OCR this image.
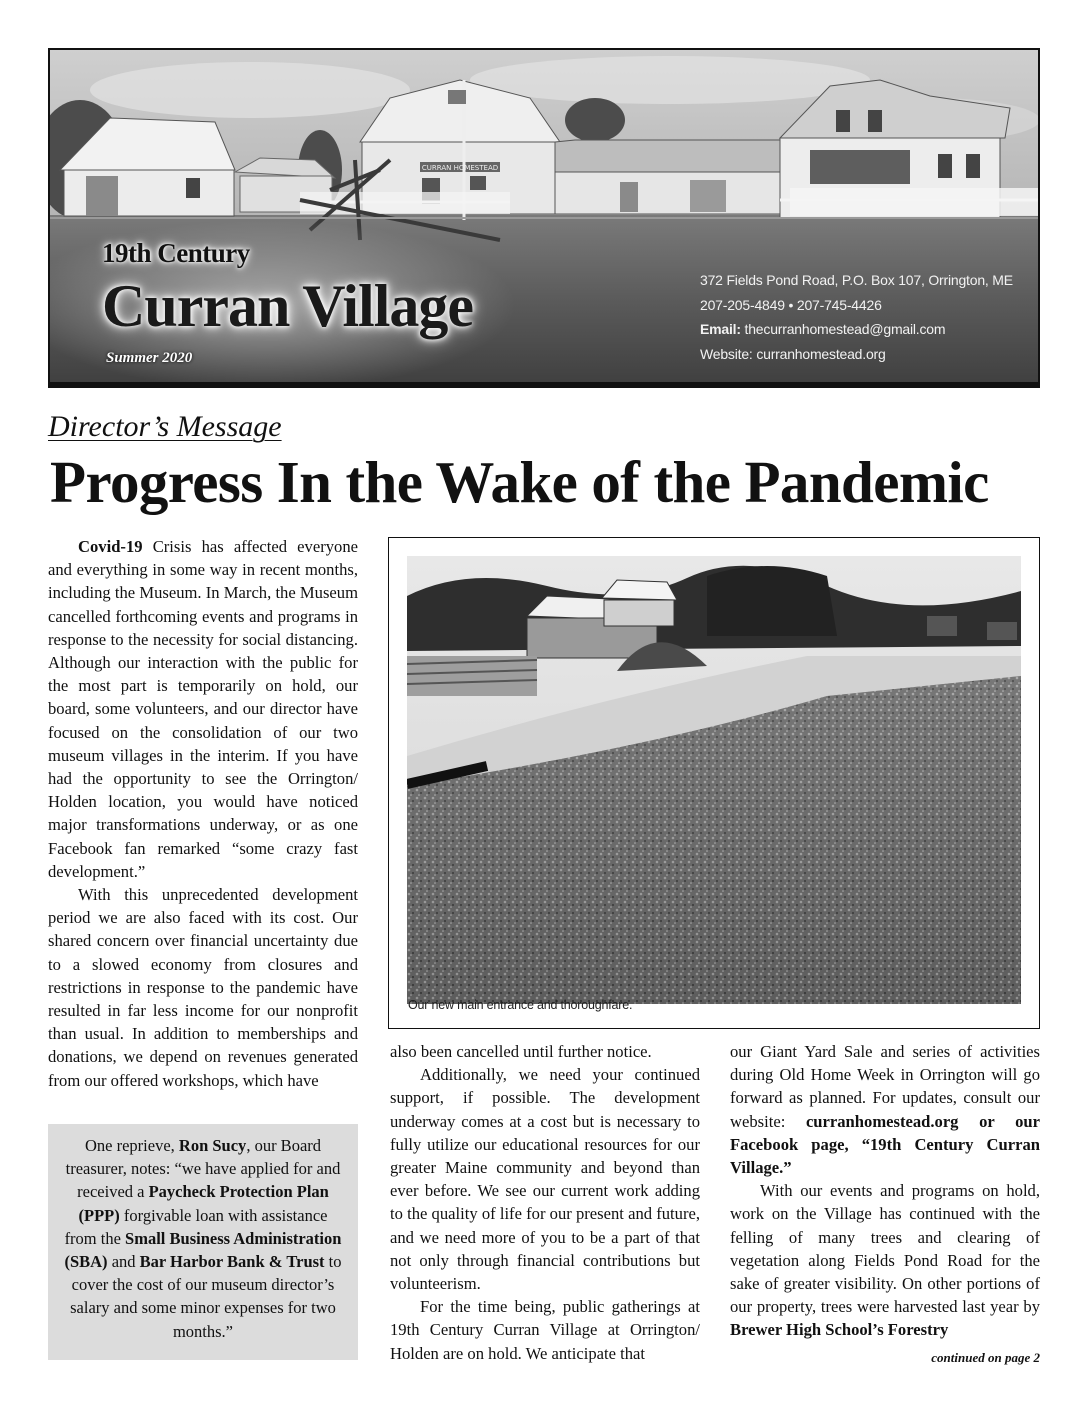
CURRAN HOMESTEAD
19th Century
Curran Village
Summer 2020
372 Fields Pond Road, P.O. Box 107, Orrington, ME
207-205-4849 • 207-745-4426
Email: thecurranhomestead@gmail.com
Website: curranhomestead.org
Director’s Message
Progress In the Wake of the Pandemic

Covid-19 Crisis has affected everyone and everything in some way in recent months, including the Museum. In March, the Museum cancelled forthcoming events and programs in response to the necessity for social distancing. Although our interaction with the public for the most part is temporarily on hold, our board, some volunteers, and our director have focused on the consolidation of our two museum villages in the interim. If you have had the opportunity to see the Orrington/ Holden location, you would have noticed major transformations underway, or as one Facebook fan remarked “some crazy fast development.”

With this unprecedented development period we are also faced with its cost. Our shared concern over financial uncertainty due to a slowed economy from closures and restrictions in response to the pandemic have resulted in far less income for our nonprofit than usual. In addition to memberships and donations, we depend on revenues generated from our offered workshops, which have

Our new main entrance and thoroughfare.
One reprieve, Ron Sucy, our Board treasurer, notes: “we have applied for and received a Paycheck Protection Plan (PPP) forgivable loan with assistance from the Small Business Administration (SBA) and Bar Harbor Bank & Trust to cover the cost of our museum director’s salary and some minor expenses for two months.”

also been cancelled until further notice.

Additionally, we need your continued support, if possible. The development underway comes at a cost but is necessary to fully utilize our educational resources for our greater Maine community and beyond than ever before. We see our current work adding to the quality of life for our present and future, and we need more of you to be a part of that not only through financial contributions but volunteerism.

For the time being, public gatherings at 19th Century Curran Village at Orrington/ Holden are on hold. We anticipate that

our Giant Yard Sale and series of activities during Old Home Week in Orrington will go forward as planned. For updates, consult our website: curranhomestead.org or our Facebook page, “19th Century Curran Village.”

With our events and programs on hold, work on the Village has continued with the felling of many trees and clearing of vegetation along Fields Pond Road for the sake of greater visibility. On other portions of our property, trees were harvested last year by Brewer High School’s Forestry

continued on page 2
